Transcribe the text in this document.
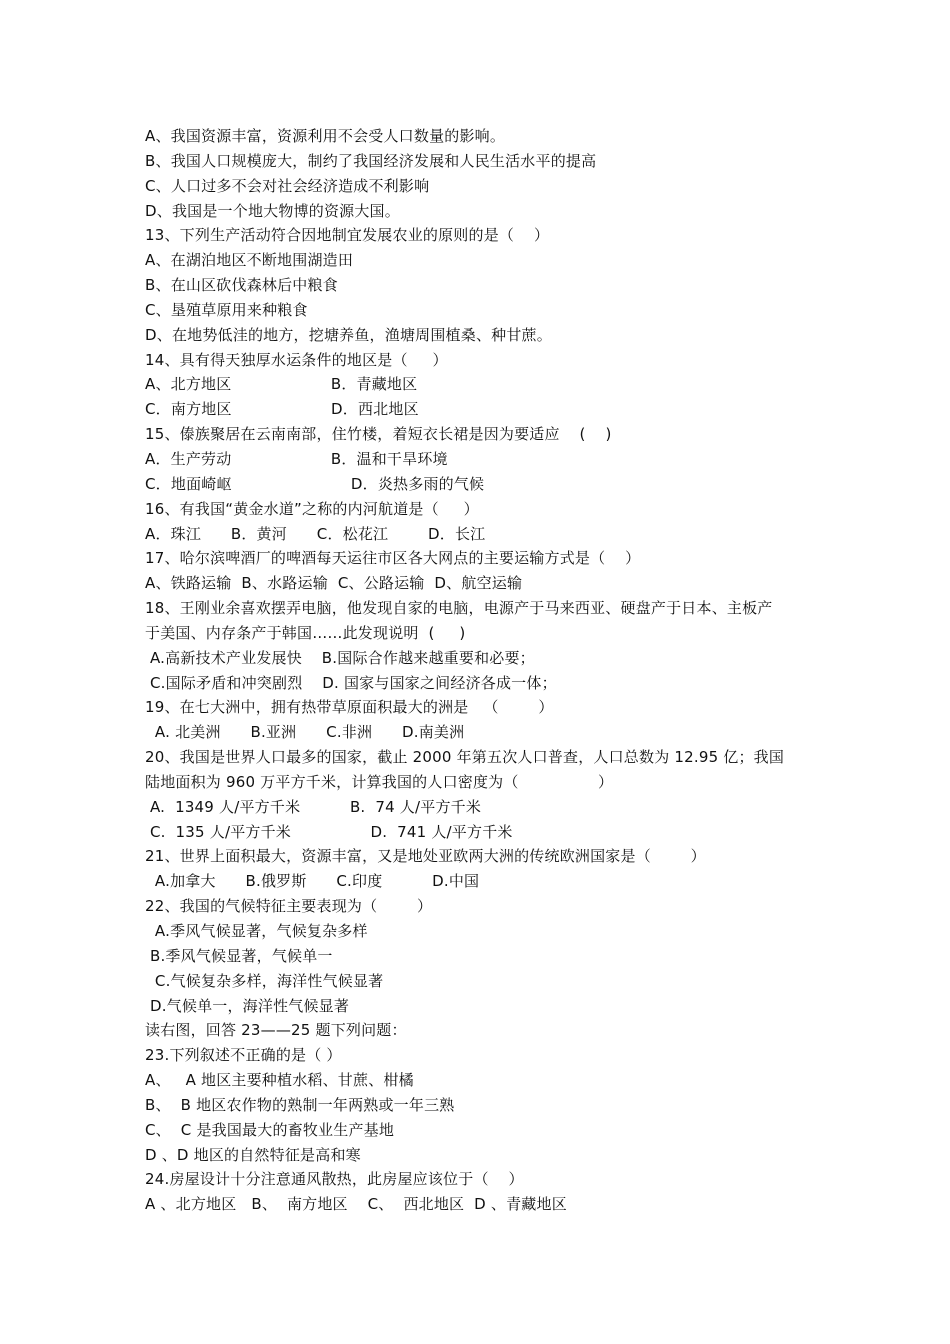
A、我国资源丰富，资源利用不会受人口数量的影响。
B、我国人口规模庞大，制约了我国经济发展和人民生活水平的提高
C、人口过多不会对社会经济造成不利影响
D、我国是一个地大物博的资源大国。
13、下列生产活动符合因地制宜发展农业的原则的是（    ）
A、在湖泊地区不断地围湖造田
B、在山区砍伐森林后中粮食
C、垦殖草原用来种粮食
D、在地势低洼的地方，挖塘养鱼，渔塘周围植桑、种甘蔗。
14、具有得天独厚水运条件的地区是（     ）
A、北方地区                    B．青藏地区
C．南方地区                    D．西北地区
15、傣族聚居在云南南部，住竹楼，着短衣长裙是因为要适应    (    )
A．生产劳动                    B．温和干旱环境
C．地面崎岖                        D．炎热多雨的气候
16、有我国“黄金水道”之称的内河航道是（     ）
A．珠江      B．黄河      C．松花江        D．长江
17、哈尔滨啤酒厂的啤酒每天运往市区各大网点的主要运输方式是（    ）
A、铁路运输  B、水路运输  C、公路运输  D、航空运输
18、王刚业余喜欢摆弄电脑，他发现自家的电脑，电源产于马来西亚、硬盘产于日本、主板产
于美国、内存条产于韩国……此发现说明  (     )
A.高新技术产业发展快    B.国际合作越来越重要和必要；
C.国际矛盾和冲突剧烈    D. 国家与国家之间经济各成一体；
19、在七大洲中，拥有热带草原面积最大的洲是   （        ）
A. 北美洲      B.亚洲      C.非洲      D.南美洲
20、我国是世界人口最多的国家，截止 2000 年第五次人口普查，人口总数为 12.95 亿；我国
陆地面积为 960 万平方千米，计算我国的人口密度为（                ）
A.  1349 人/平方千米          B.  74 人/平方千米
C.  135 人/平方千米                D.  741 人/平方千米
21、世界上面积最大，资源丰富，又是地处亚欧两大洲的传统欧洲国家是（        ）
A.加拿大      B.俄罗斯      C.印度          D.中国
22、我国的气候特征主要表现为（        ）
A.季风气候显著，气候复杂多样
B.季风气候显著，气候单一
C.气候复杂多样，海洋性气候显著
D.气候单一，海洋性气候显著
读右图，回答 23——25 题下列问题：
23.下列叙述不正确的是（ ）
A、   A 地区主要种植水稻、甘蔗、柑橘
B、  B 地区农作物的熟制一年两熟或一年三熟
C、  C 是我国最大的畜牧业生产基地
D 、D 地区的自然特征是高和寒
24.房屋设计十分注意通风散热，此房屋应该位于（    ）
A 、北方地区   B、  南方地区    C、  西北地区  D 、青藏地区
